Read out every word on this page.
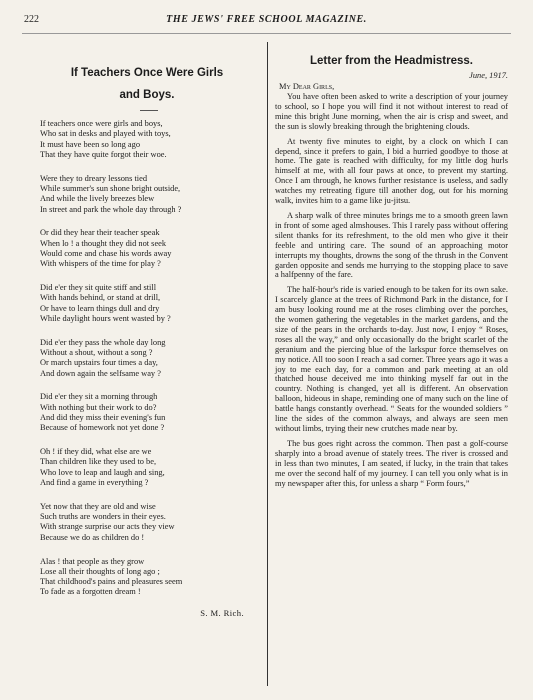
222	THE JEWS' FREE SCHOOL MAGAZINE.
If Teachers Once Were Girls
and Boys.
If teachers once were girls and boys,
Who sat in desks and played with toys,
It must have been so long ago
That they have quite forgot their woe.
Were they to dreary lessons tied
While summer's sun shone bright outside,
And while the lively breezes blew
In street and park the whole day through ?
Or did they hear their teacher speak
When lo ! a thought they did not seek
Would come and chase his words away
With whispers of the time for play ?
Did e'er they sit quite stiff and still
With hands behind, or stand at drill,
Or have to learn things dull and dry
While daylight hours went wasted by ?
Did e'er they pass the whole day long
Without a shout, without a song ?
Or march upstairs four times a day,
And down again the selfsame way ?
Did e'er they sit a morning through
With nothing but their work to do?
And did they miss their evening's fun
Because of homework not yet done ?
Oh ! if they did, what else are we
Than children like they used to be,
Who love to leap and laugh and sing,
And find a game in everything ?
Yet now that they are old and wise
Such truths are wonders in their eyes.
With strange surprise our acts they view
Because we do as children do !
Alas ! that people as they grow
Lose all their thoughts of long ago ;
That childhood's pains and pleasures seem
To fade as a forgotten dream !
S. M. Rich.
Letter from the Headmistress.
June, 1917.
My Dear Girls,

You have often been asked to write a description of your journey to school, so I hope you will find it not without interest to read of mine this bright June morning, when the air is crisp and sweet, and the sun is slowly breaking through the brightening clouds.

At twenty five minutes to eight, by a clock on which I can depend, since it prefers to gain, I bid a hurried goodbye to those at home. The gate is reached with difficulty, for my little dog hurls himself at me, with all four paws at once, to prevent my starting. Once I am through, he knows further resistance is useless, and sadly watches my retreating figure till another dog, out for his morning walk, invites him to a game like ju-jitsu.

A sharp walk of three minutes brings me to a smooth green lawn in front of some aged almshouses. This I rarely pass without offering silent thanks for its refreshment, to the old men who give it their feeble and untiring care. The sound of an approaching motor interrupts my thoughts, drowns the song of the thrush in the Convent garden opposite and sends me hurrying to the stopping place to save a halfpenny of the fare.

The half-hour's ride is varied enough to be taken for its own sake. I scarcely glance at the trees of Richmond Park in the distance, for I am busy looking round me at the roses climbing over the porches, the women gathering the vegetables in the market gardens, and the size of the pears in the orchards to-day. Just now, I enjoy “ Roses, roses all the way,” and only occasionally do the bright scarlet of the geranium and the piercing blue of the larkspur force themselves on my notice. All too soon I reach a sad corner. Three years ago it was a joy to me each day, for a common and park meeting at an old thatched house deceived me into thinking myself far out in the country. Nothing is changed, yet all is different. An observation balloon, hideous in shape, reminding one of many such on the line of battle hangs constantly overhead. “ Seats for the wounded soldiers ” line the sides of the common always, and always are seen men without limbs, trying their new crutches made near by.

The bus goes right across the common. Then past a golf-course sharply into a broad avenue of stately trees. The river is crossed and in less than two minutes, I am seated, if lucky, in the train that takes me over the second half of my journey. I can tell you only what is in my newspaper after this, for unless a sharp “ Form fours,”
